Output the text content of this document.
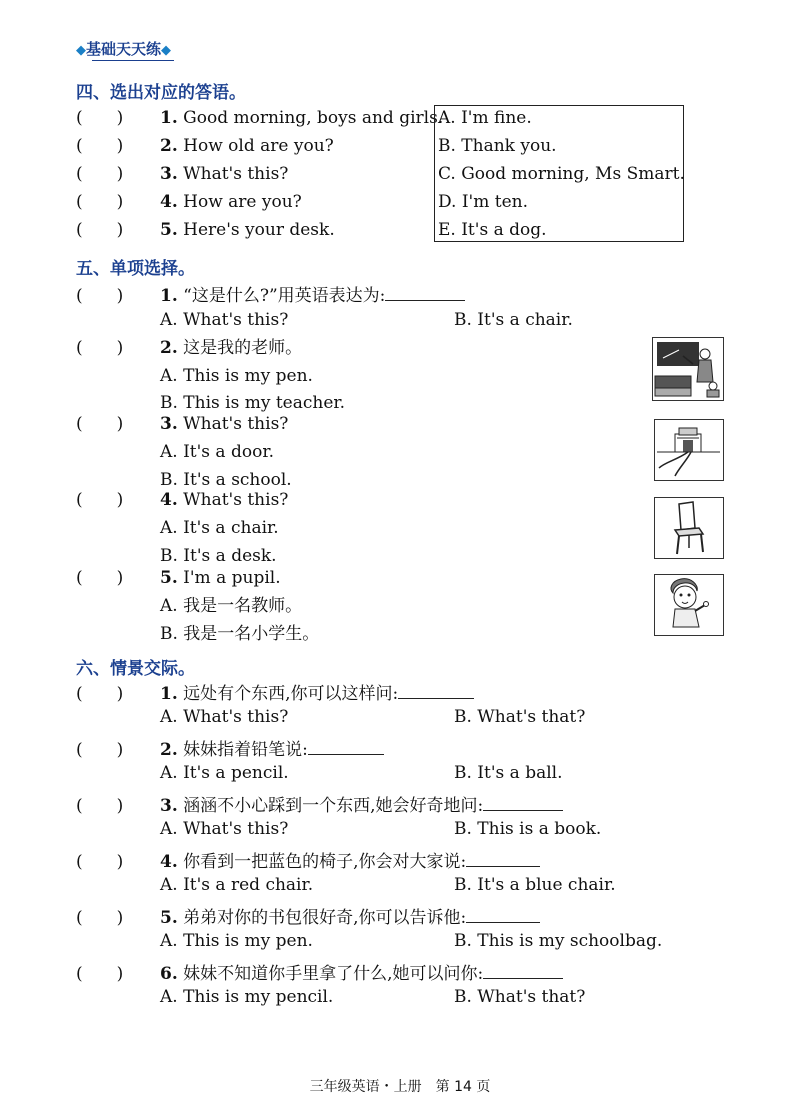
◆基础天天练◆
四、选出对应的答语。
(　　) 1. Good morning, boys and girls.
(　　) 2. How old are you?
(　　) 3. What's this?
(　　) 4. How are you?
(　　) 5. Here's your desk.
A. I'm fine.
B. Thank you.
C. Good morning, Ms Smart.
D. I'm ten.
E. It's a dog.
五、单项选择。
(　　) 1. “这是什么?”用英语表达为:
A. What's this?	B. It's a chair.
(　　) 2. 这是我的老师。
A. This is my pen.
B. This is my teacher.
(　　) 3. What's this?
A. It's a door.
B. It's a school.
(　　) 4. What's this?
A. It's a chair.
B. It's a desk.
(　　) 5. I'm a pupil.
A. 我是一名教师。
B. 我是一名小学生。
六、情景交际。
(　　) 1. 远处有个东西,你可以这样问:
A. What's this?	B. What's that?
(　　) 2. 妹妹指着铅笔说:
A. It's a pencil.	B. It's a ball.
(　　) 3. 涵涵不小心踩到一个东西,她会好奇地问:
A. What's this?	B. This is a book.
(　　) 4. 你看到一把蓝色的椅子,你会对大家说:
A. It's a red chair.	B. It's a blue chair.
(　　) 5. 弟弟对你的书包很好奇,你可以告诉他:
A. This is my pen.	B. This is my schoolbag.
(　　) 6. 妹妹不知道你手里拿了什么,她可以问你:
A. This is my pencil.	B. What's that?
三年级英语・上册　第 14 页
